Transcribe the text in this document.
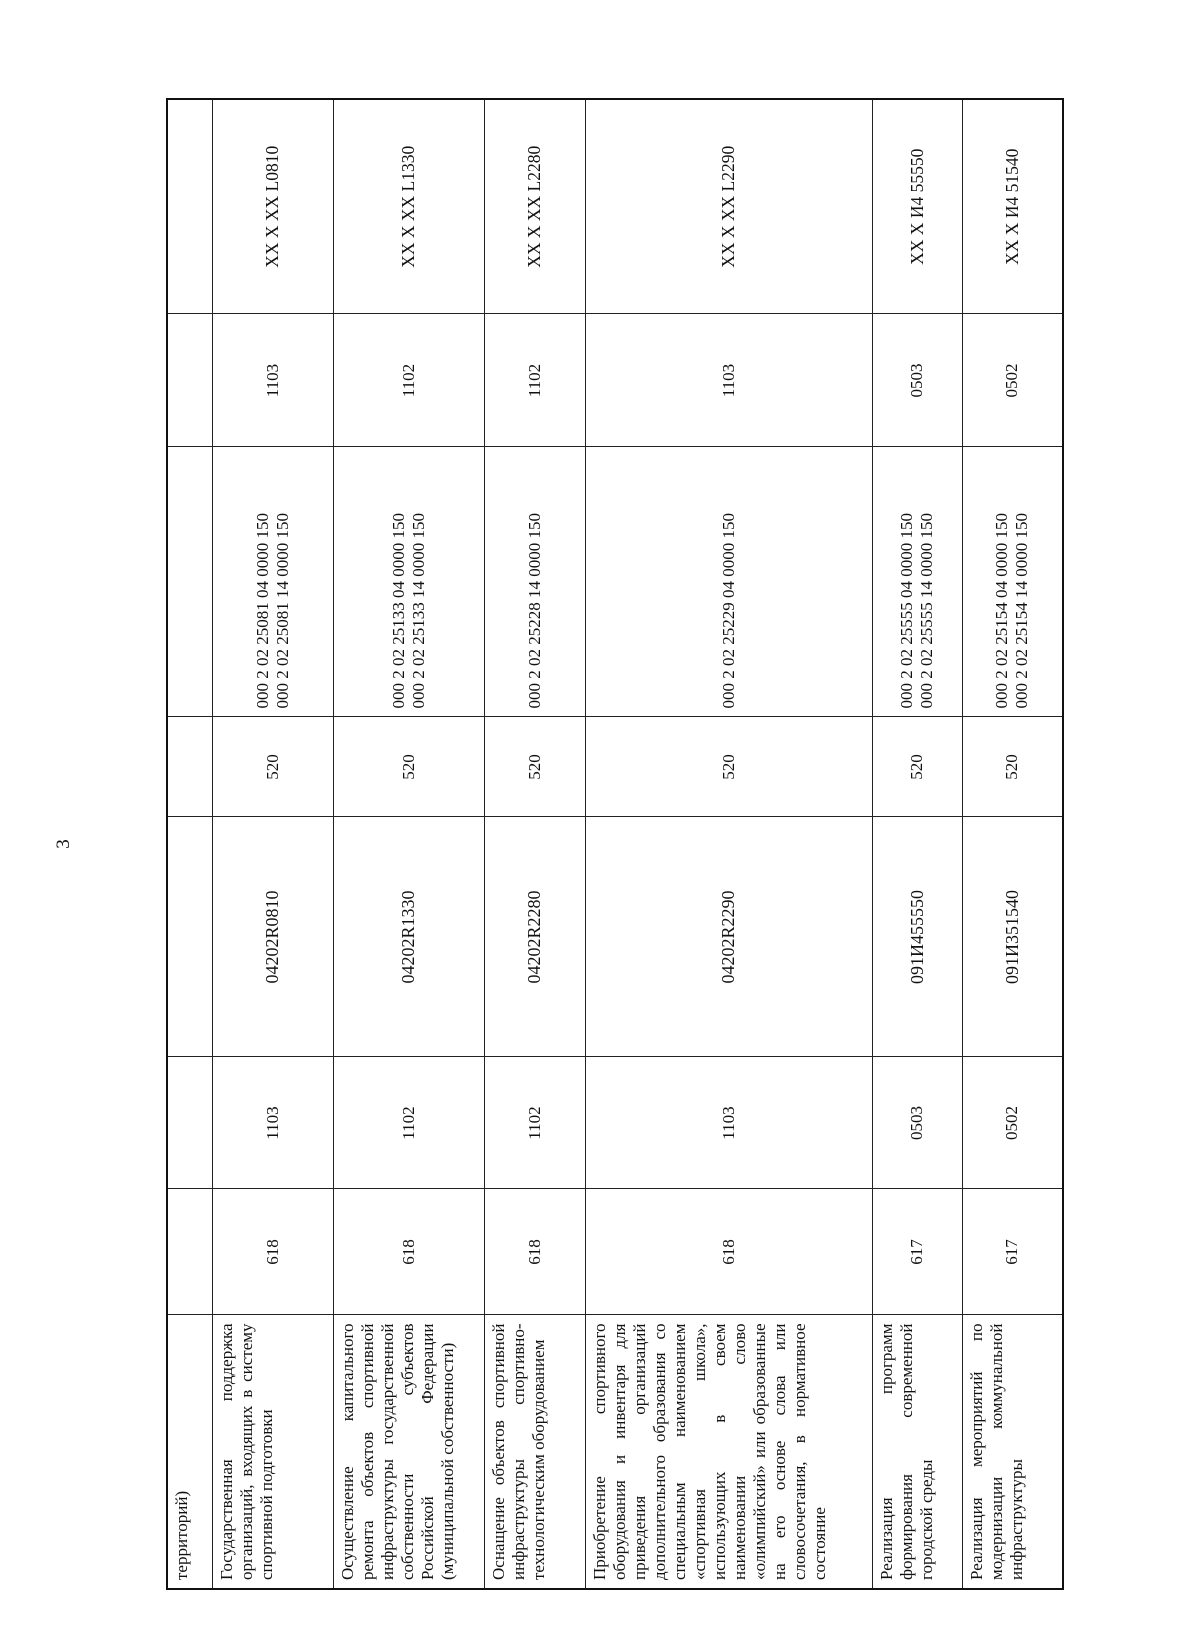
3
территорий)							
Государственная поддержка организаций, входящих в систему спортивной подготовки	618	1103	04202R0810	520	000 2 02 25081 04 0000 150 000 2 02 25081 14 0000 150	1103	XX X XX L0810
Осуществление капитального ремонта объектов спортивной инфраструктуры государственной собственности субъектов Российской Федерации (муниципальной собственности)	618	1102	04202R1330	520	000 2 02 25133 04 0000 150 000 2 02 25133 14 0000 150	1102	XX X XX L1330
Оснащение объектов спортивной инфраструктуры спортивно-технологическим оборудованием	618	1102	04202R2280	520	000 2 02 25228 14 0000 150	1102	XX X XX L2280
Приобретение спортивного оборудования и инвентаря для приведения организаций дополнительного образования со специальным наименованием «спортивная школа», использующих в своем наименовании слово «олимпийский» или образованные на его основе слова или словосочетания, в нормативное состояние	618	1103	04202R2290	520	000 2 02 25229 04 0000 150	1103	XX X XX L2290
Реализация программ формирования современной городской среды	617	0503	091И455550	520	000 2 02 25555 04 0000 150 000 2 02 25555 14 0000 150	0503	XX X И4 55550
Реализация мероприятий по модернизации коммунальной инфраструктуры	617	0502	091И351540	520	000 2 02 25154 04 0000 150 000 2 02 25154 14 0000 150	0502	XX X И4 51540
